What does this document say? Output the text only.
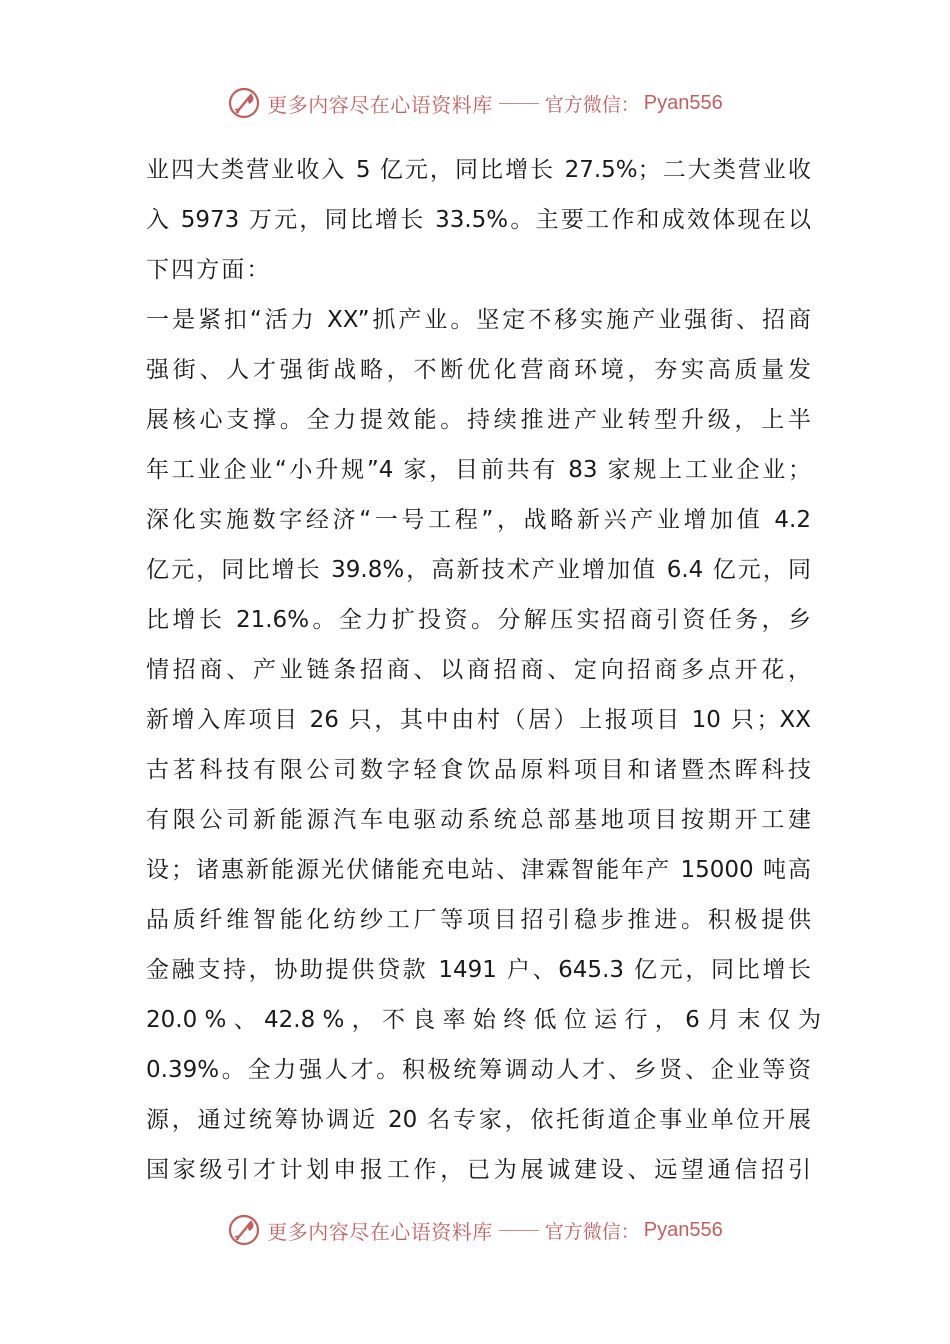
更多内容尽在心语资料库	官方微信： Pyan556
业四大类营业收入 5 亿元，同比增长 27.5%；二大类营业收
入 5973 万元，同比增长 33.5%。主要工作和成效体现在以
下四方面：
一是紧扣“活力 XX”抓产业。坚定不移实施产业强街、招商
强街、人才强街战略，不断优化营商环境，夯实高质量发
展核心支撑。全力提效能。持续推进产业转型升级，上半
年工业企业“小升规”4 家，目前共有 83 家规上工业企业；
深化实施数字经济“一号工程”，战略新兴产业增加值 4.2
亿元，同比增长 39.8%，高新技术产业增加值 6.4 亿元，同
比增长 21.6%。全力扩投资。分解压实招商引资任务，乡
情招商、产业链条招商、以商招商、定向招商多点开花，
新增入库项目 26 只，其中由村（居）上报项目 10 只；XX
古茗科技有限公司数字轻食饮品原料项目和诸暨杰晖科技
有限公司新能源汽车电驱动系统总部基地项目按期开工建
设；诸惠新能源光伏储能充电站、津霖智能年产 15000 吨高
品质纤维智能化纺纱工厂等项目招引稳步推进。积极提供
金融支持，协助提供贷款 1491 户、645.3 亿元，同比增长
20.0 % 、 42.8 % ， 不 良 率 始 终 低 位 运 行 ， 6 月 末 仅 为
0.39%。全力强人才。积极统筹调动人才、乡贤、企业等资
源，通过统筹协调近 20 名专家，依托街道企事业单位开展
国家级引才计划申报工作，已为展诚建设、远望通信招引
更多内容尽在心语资料库	官方微信： Pyan556
